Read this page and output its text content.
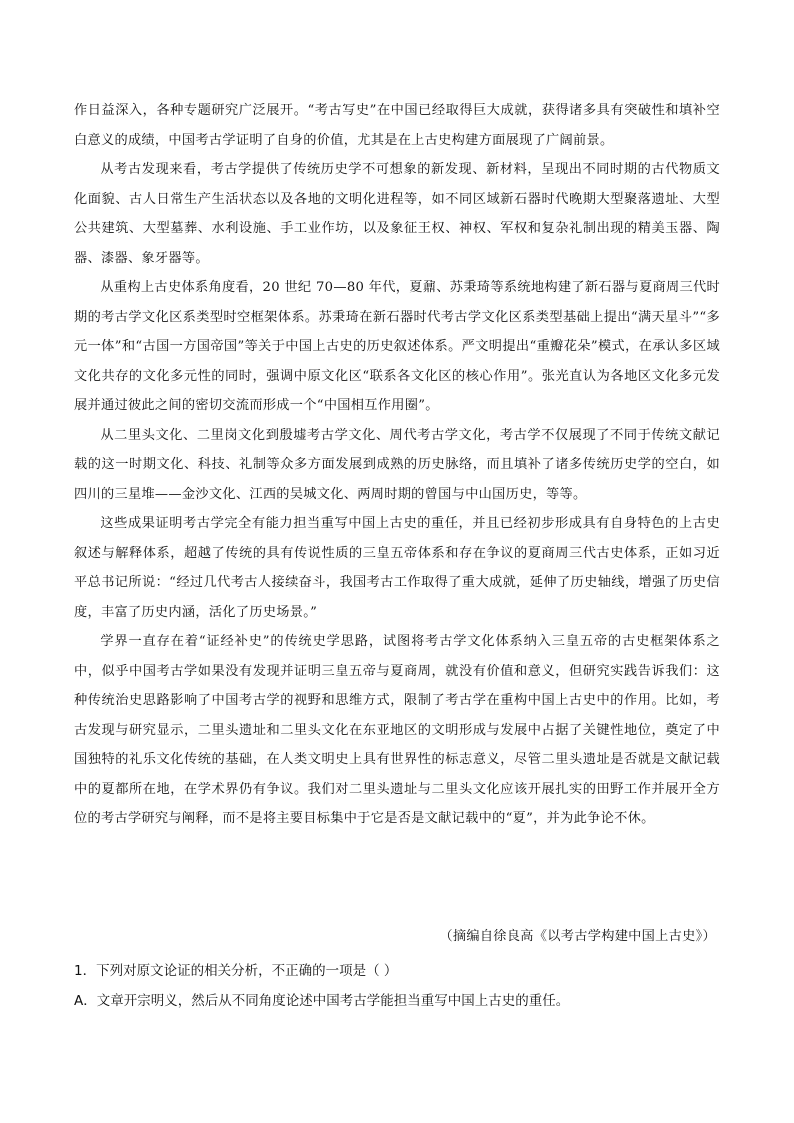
作日益深入，各种专题研究广泛展开。“考古写史”在中国已经取得巨大成就，获得诸多具有突破性和填补空白意义的成绩，中国考古学证明了自身的价值，尤其是在上古史构建方面展现了广阔前景。

从考古发现来看，考古学提供了传统历史学不可想象的新发现、新材料，呈现出不同时期的古代物质文化面貌、古人日常生产生活状态以及各地的文明化进程等，如不同区域新石器时代晚期大型聚落遗址、大型公共建筑、大型墓葬、水利设施、手工业作坊，以及象征王权、神权、军权和复杂礼制出现的精美玉器、陶器、漆器、象牙器等。

从重构上古史体系角度看，20 世纪 70—80 年代，夏鼐、苏秉琦等系统地构建了新石器与夏商周三代时期的考古学文化区系类型时空框架体系。苏秉琦在新石器时代考古学文化区系类型基础上提出“满天星斗”“多元一体”和“古国一方国帝国”等关于中国上古史的历史叙述体系。严文明提出“重瓣花朵”模式，在承认多区域文化共存的文化多元性的同时，强调中原文化区“联系各文化区的核心作用”。张光直认为各地区文化多元发展并通过彼此之间的密切交流而形成一个“中国相互作用圈”。

从二里头文化、二里岗文化到殷墟考古学文化、周代考古学文化，考古学不仅展现了不同于传统文献记载的这一时期文化、科技、礼制等众多方面发展到成熟的历史脉络，而且填补了诸多传统历史学的空白，如四川的三星堆——金沙文化、江西的吴城文化、两周时期的曾国与中山国历史，等等。

这些成果证明考古学完全有能力担当重写中国上古史的重任，并且已经初步形成具有自身特色的上古史叙述与解释体系，超越了传统的具有传说性质的三皇五帝体系和存在争议的夏商周三代古史体系，正如习近平总书记所说：“经过几代考古人接续奋斗，我国考古工作取得了重大成就，延伸了历史轴线，增强了历史信度，丰富了历史内涵，活化了历史场景。”

学界一直存在着“证经补史”的传统史学思路，试图将考古学文化体系纳入三皇五帝的古史框架体系之中，似乎中国考古学如果没有发现并证明三皇五帝与夏商周，就没有价值和意义，但研究实践告诉我们：这种传统治史思路影响了中国考古学的视野和思维方式，限制了考古学在重构中国上古史中的作用。比如，考古发现与研究显示，二里头遗址和二里头文化在东亚地区的文明形成与发展中占据了关键性地位，奠定了中国独特的礼乐文化传统的基础，在人类文明史上具有世界性的标志意义，尽管二里头遗址是否就是文献记载中的夏都所在地，在学术界仍有争议。我们对二里头遗址与二里头文化应该开展扎实的田野工作并展开全方位的考古学研究与阐释，而不是将主要目标集中于它是否是文献记载中的“夏”，并为此争论不休。

（摘编自徐良高《以考古学构建中国上古史》）
1．下列对原文论证的相关分析，不正确的一项是（ ）
A．文章开宗明义，然后从不同角度论述中国考古学能担当重写中国上古史的重任。
